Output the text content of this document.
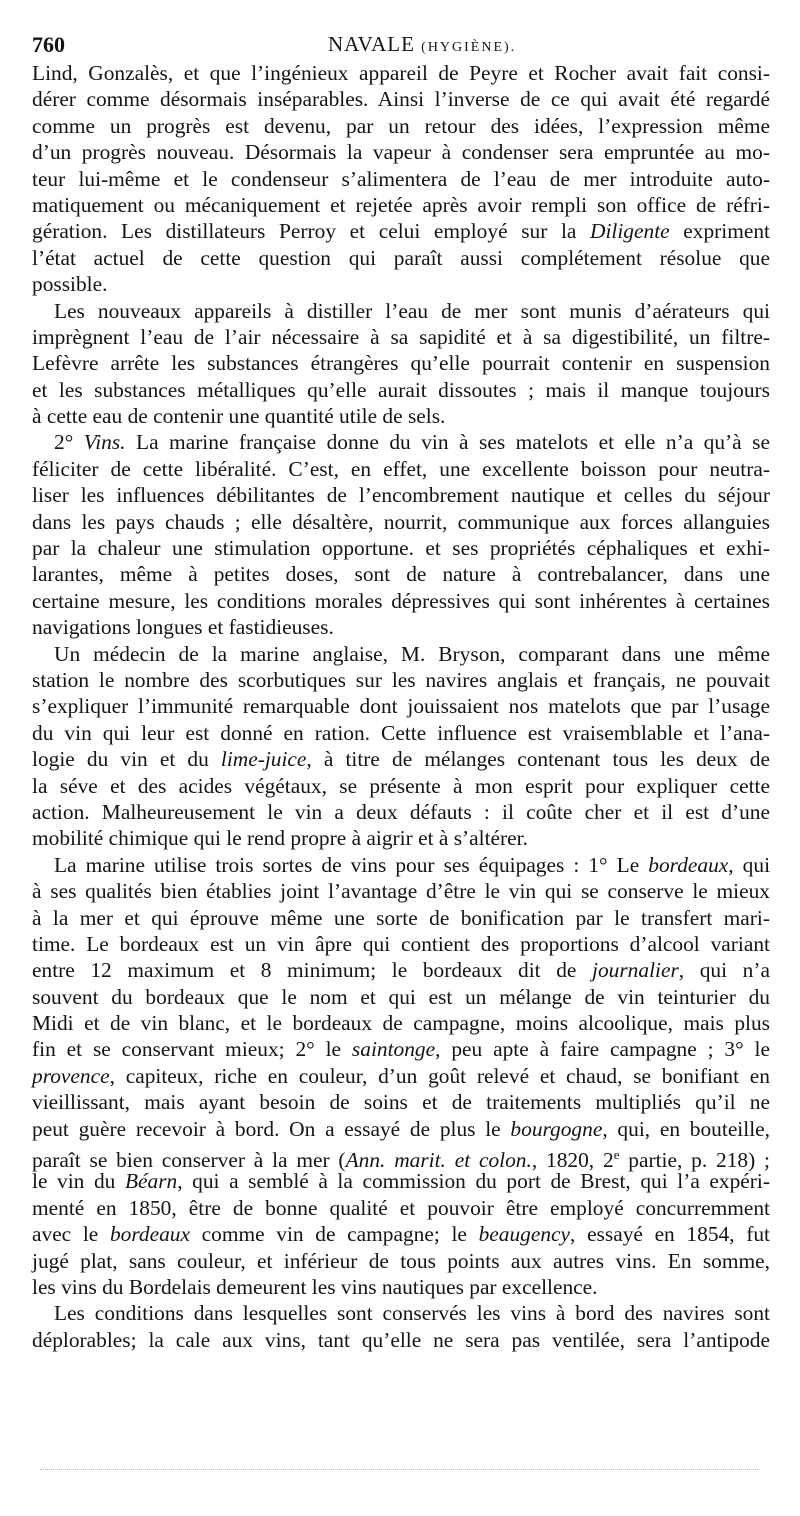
760	NAVALE (HYGIÈNE).
Lind, Gonzalès, et que l’ingénieux appareil de Peyre et Rocher avait fait consi-
dérer comme désormais inséparables. Ainsi l’inverse de ce qui avait été regardé
comme un progrès est devenu, par un retour des idées, l’expression même
d’un progrès nouveau. Désormais la vapeur à condenser sera empruntée au mo-
teur lui-même et le condenseur s’alimentera de l’eau de mer introduite auto-
matiquement ou mécaniquement et rejetée après avoir rempli son office de réfri-
gération. Les distillateurs Perroy et celui employé sur la Diligente expriment
l’état actuel de cette question qui paraît aussi complétement résolue que
possible.
Les nouveaux appareils à distiller l’eau de mer sont munis d’aérateurs qui
imprègnent l’eau de l’air nécessaire à sa sapidité et à sa digestibilité, un filtre-
Lefèvre arrête les substances étrangères qu’elle pourrait contenir en suspension
et les substances métalliques qu’elle aurait dissoutes ; mais il manque toujours
à cette eau de contenir une quantité utile de sels.
2° Vins. La marine française donne du vin à ses matelots et elle n’a qu’à se
féliciter de cette libéralité. C’est, en effet, une excellente boisson pour neutra-
liser les influences débilitantes de l’encombrement nautique et celles du séjour
dans les pays chauds ; elle désaltère, nourrit, communique aux forces allanguies
par la chaleur une stimulation opportune. et ses propriétés céphaliques et exhi-
larantes, même à petites doses, sont de nature à contrebalancer, dans une
certaine mesure, les conditions morales dépressives qui sont inhérentes à certaines
navigations longues et fastidieuses.
Un médecin de la marine anglaise, M. Bryson, comparant dans une même
station le nombre des scorbutiques sur les navires anglais et français, ne pouvait
s’expliquer l’immunité remarquable dont jouissaient nos matelots que par l’usage
du vin qui leur est donné en ration. Cette influence est vraisemblable et l’ana-
logie du vin et du lime-juice, à titre de mélanges contenant tous les deux de
la séve et des acides végétaux, se présente à mon esprit pour expliquer cette
action. Malheureusement le vin a deux défauts : il coûte cher et il est d’une
mobilité chimique qui le rend propre à aigrir et à s’altérer.
La marine utilise trois sortes de vins pour ses équipages : 1° Le bordeaux, qui
à ses qualités bien établies joint l’avantage d’être le vin qui se conserve le mieux
à la mer et qui éprouve même une sorte de bonification par le transfert mari-
time. Le bordeaux est un vin âpre qui contient des proportions d’alcool variant
entre 12 maximum et 8 minimum; le bordeaux dit de journalier, qui n’a
souvent du bordeaux que le nom et qui est un mélange de vin teinturier du
Midi et de vin blanc, et le bordeaux de campagne, moins alcoolique, mais plus
fin et se conservant mieux; 2° le saintonge, peu apte à faire campagne ; 3° le
provence, capiteux, riche en couleur, d’un goût relevé et chaud, se bonifiant en
vieillissant, mais ayant besoin de soins et de traitements multipliés qu’il ne
peut guère recevoir à bord. On a essayé de plus le bourgogne, qui, en bouteille,
paraît se bien conserver à la mer (Ann. marit. et colon., 1820, 2e partie, p. 218) ;
le vin du Béarn, qui a semblé à la commission du port de Brest, qui l’a expéri-
menté en 1850, être de bonne qualité et pouvoir être employé concurremment
avec le bordeaux comme vin de campagne; le beaugency, essayé en 1854, fut
jugé plat, sans couleur, et inférieur de tous points aux autres vins. En somme,
les vins du Bordelais demeurent les vins nautiques par excellence.
Les conditions dans lesquelles sont conservés les vins à bord des navires sont
déplorables; la cale aux vins, tant qu’elle ne sera pas ventilée, sera l’antipode
